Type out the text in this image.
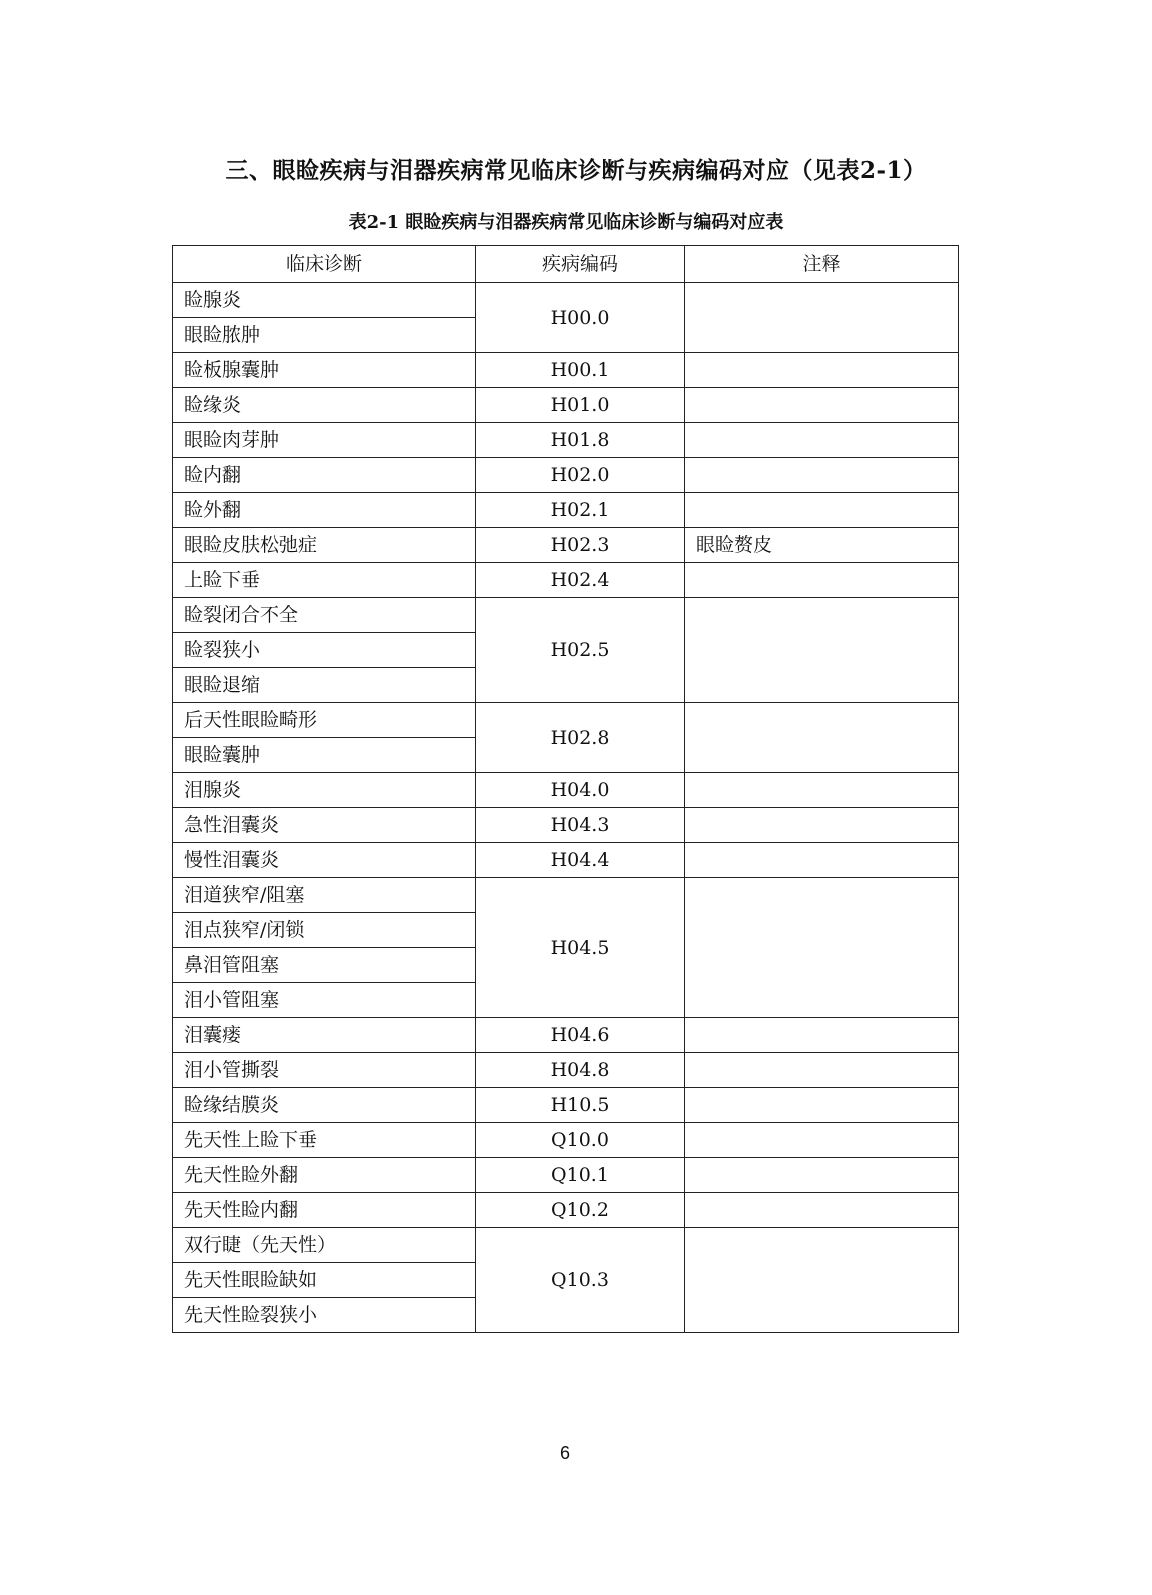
三、眼睑疾病与泪器疾病常见临床诊断与疾病编码对应（见表2-1）
表2-1 眼睑疾病与泪器疾病常见临床诊断与编码对应表
临床诊断	疾病编码	注释
睑腺炎	H00.0	
眼睑脓肿		
睑板腺囊肿	H00.1	
睑缘炎	H01.0	
眼睑肉芽肿	H01.8	
睑内翻	H02.0	
睑外翻	H02.1	
眼睑皮肤松弛症	H02.3	眼睑赘皮
上睑下垂	H02.4	
睑裂闭合不全	H02.5	
睑裂狭小		
眼睑退缩		
后天性眼睑畸形	H02.8	
眼睑囊肿		
泪腺炎	H04.0	
急性泪囊炎	H04.3	
慢性泪囊炎	H04.4	
泪道狭窄/阻塞	H04.5	
泪点狭窄/闭锁		
鼻泪管阻塞		
泪小管阻塞		
泪囊瘘	H04.6	
泪小管撕裂	H04.8	
睑缘结膜炎	H10.5	
先天性上睑下垂	Q10.0	
先天性睑外翻	Q10.1	
先天性睑内翻	Q10.2	
双行睫（先天性）	Q10.3	
先天性眼睑缺如		
先天性睑裂狭小		
6
